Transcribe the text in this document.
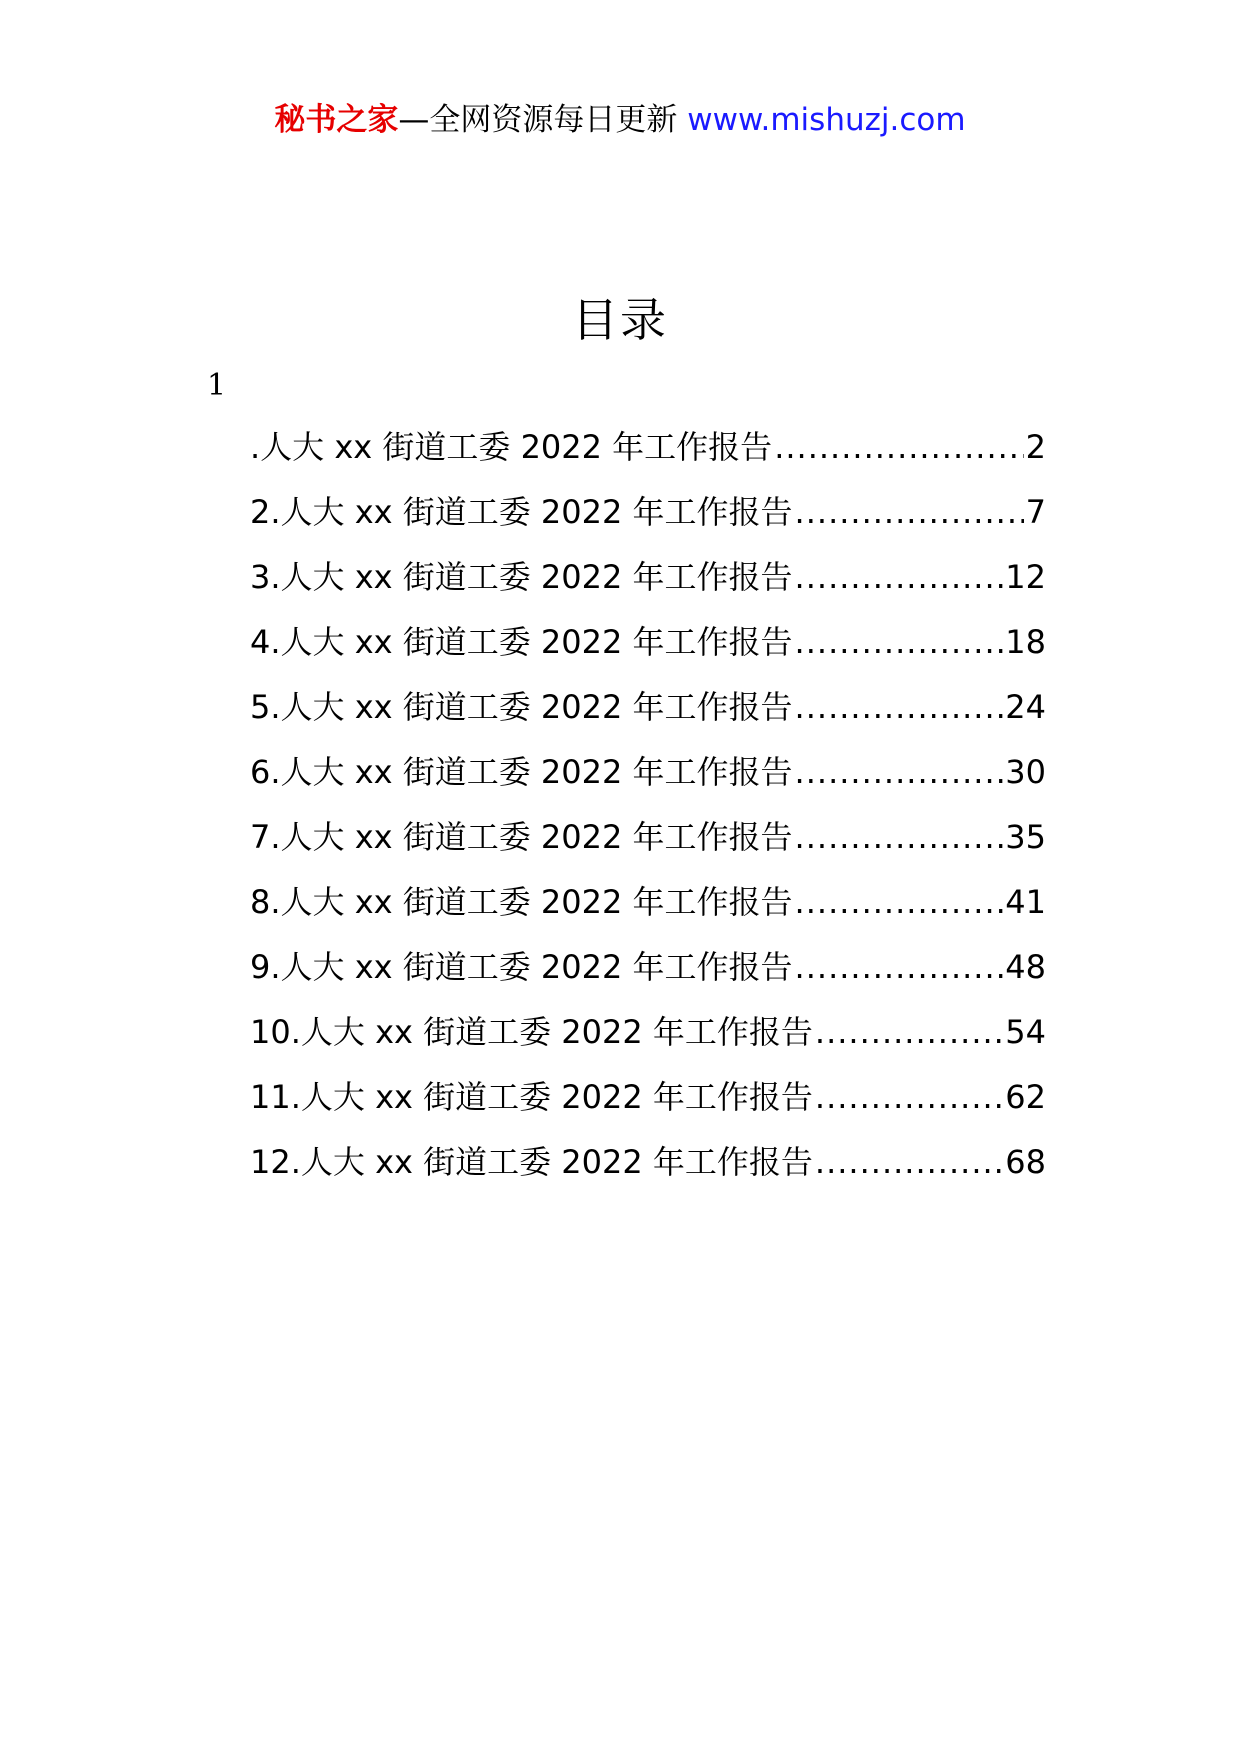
秘书之家—全网资源每日更新 www.mishuzj.com
目录
1
.人大 xx 街道工委 2022 年工作报告 .....	2
2 .人大 xx 街道工委 2022 年工作报告 .....	7
3 .人大 xx 街道工委 2022 年工作报告 .....	12
4 .人大 xx 街道工委 2022 年工作报告 .....	18
5 .人大 xx 街道工委 2022 年工作报告 .....	24
6 .人大 xx 街道工委 2022 年工作报告 .....	30
7 .人大 xx 街道工委 2022 年工作报告 .....	35
8 .人大 xx 街道工委 2022 年工作报告 .....	41
9 .人大 xx 街道工委 2022 年工作报告 .....	48
10 .人大 xx 街道工委 2022 年工作报告 .....	54
11 .人大 xx 街道工委 2022 年工作报告 .....	62
12 .人大 xx 街道工委 2022 年工作报告 .....	68
